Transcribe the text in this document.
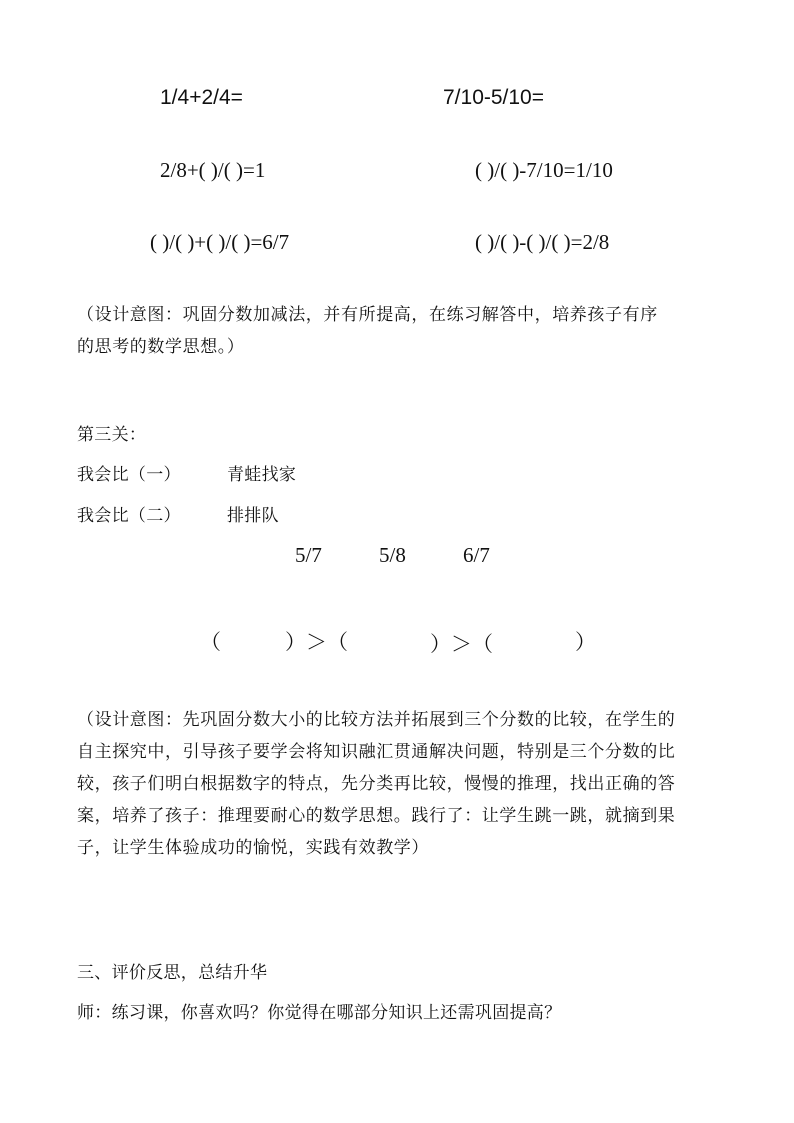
1/4+2/4=	7/10-5/10=
2/8+( )/( )=1	( )/( )-7/10=1/10
( )/( )+( )/( )=6/7	( )/( )-( )/( )=2/8
（设计意图：巩固分数加减法，并有所提高，在练习解答中，培养孩子有序
的思考的数学思想。）
第三关：
我会比（一）	青蛙找家
我会比（二）	排排队
5/7	5/8	6/7
（	）＞（	）＞（	）
（设计意图：先巩固分数大小的比较方法并拓展到三个分数的比较，在学生的
自主探究中，引导孩子要学会将知识融汇贯通解决问题，特别是三个分数的比
较，孩子们明白根据数字的特点，先分类再比较，慢慢的推理，找出正确的答
案，培养了孩子：推理要耐心的数学思想。践行了：让学生跳一跳，就摘到果
子，让学生体验成功的愉悦，实践有效教学）
三、评价反思，总结升华
师：练习课，你喜欢吗？你觉得在哪部分知识上还需巩固提高？
